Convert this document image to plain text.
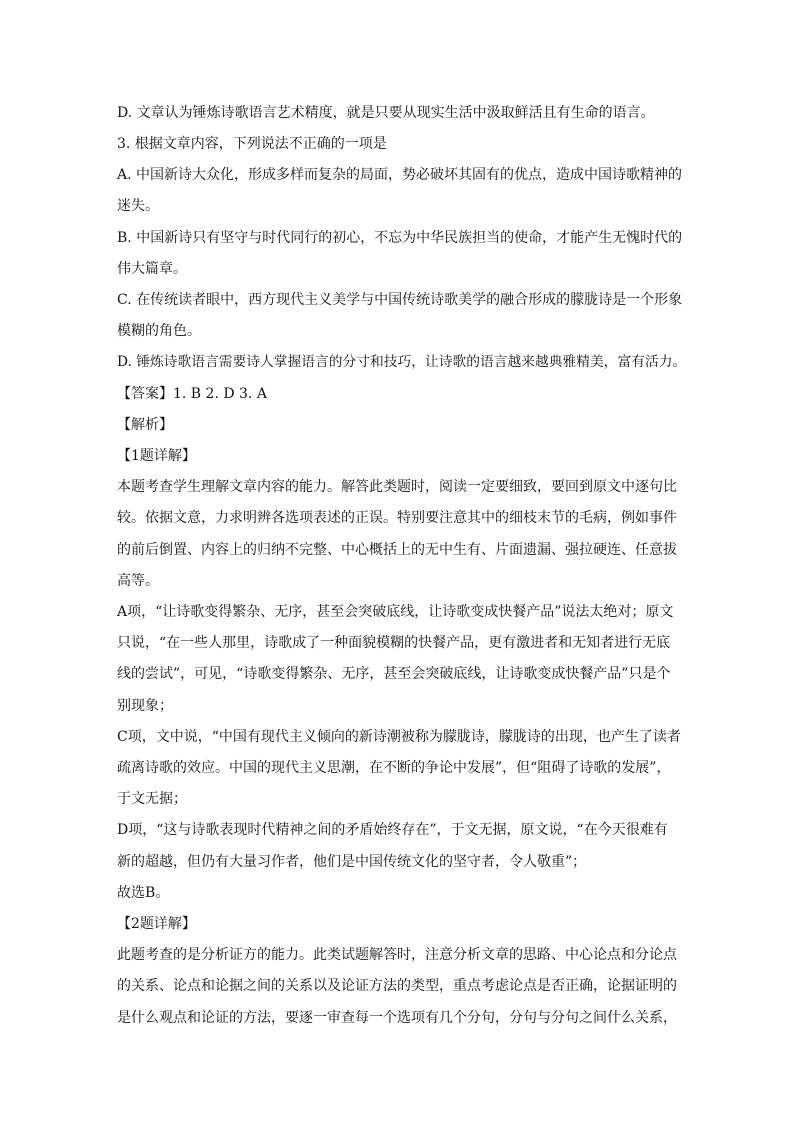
D. 文章认为锤炼诗歌语言艺术精度，就是只要从现实生活中汲取鲜活且有生命的语言。
3. 根据文章内容，下列说法不正确的一项是
A. 中国新诗大众化，形成多样而复杂的局面，势必破坏其固有的优点，造成中国诗歌精神的
迷失。
B. 中国新诗只有坚守与时代同行的初心，不忘为中华民族担当的使命，才能产生无愧时代的
伟大篇章。
C. 在传统读者眼中，西方现代主义美学与中国传统诗歌美学的融合形成的朦胧诗是一个形象
模糊的角色。
D. 锤炼诗歌语言需要诗人掌握语言的分寸和技巧，让诗歌的语言越来越典雅精美，富有活力。
【答案】1. B 2. D 3. A
【解析】
【1题详解】
本题考查学生理解文章内容的能力。解答此类题时，阅读一定要细致，要回到原文中逐句比
较。依据文意，力求明辨各选项表述的正误。特别要注意其中的细枝末节的毛病，例如事件
的前后倒置、内容上的归纳不完整、中心概括上的无中生有、片面遗漏、强拉硬连、任意拔
高等。
A项，“让诗歌变得繁杂、无序，甚至会突破底线，让诗歌变成快餐产品”说法太绝对；原文
只说，“在一些人那里，诗歌成了一种面貌模糊的快餐产品，更有激进者和无知者进行无底
线的尝试”，可见，“诗歌变得繁杂、无序，甚至会突破底线，让诗歌变成快餐产品”只是个
别现象；
C项，文中说，“中国有现代主义倾向的新诗潮被称为朦胧诗，朦胧诗的出现，也产生了读者
疏离诗歌的效应。中国的现代主义思潮，在不断的争论中发展”，但“阻碍了诗歌的发展”，
于文无据；
D项，“这与诗歌表现时代精神之间的矛盾始终存在”，于文无据，原文说，“在今天很难有
新的超越，但仍有大量习作者，他们是中国传统文化的坚守者，令人敬重”；
故选B。
【2题详解】
此题考查的是分析证方的能力。此类试题解答时，注意分析文章的思路、中心论点和分论点
的关系、论点和论据之间的关系以及论证方法的类型，重点考虑论点是否正确，论据证明的
是什么观点和论证的方法，要逐一审查每一个选项有几个分句，分句与分句之间什么关系，
